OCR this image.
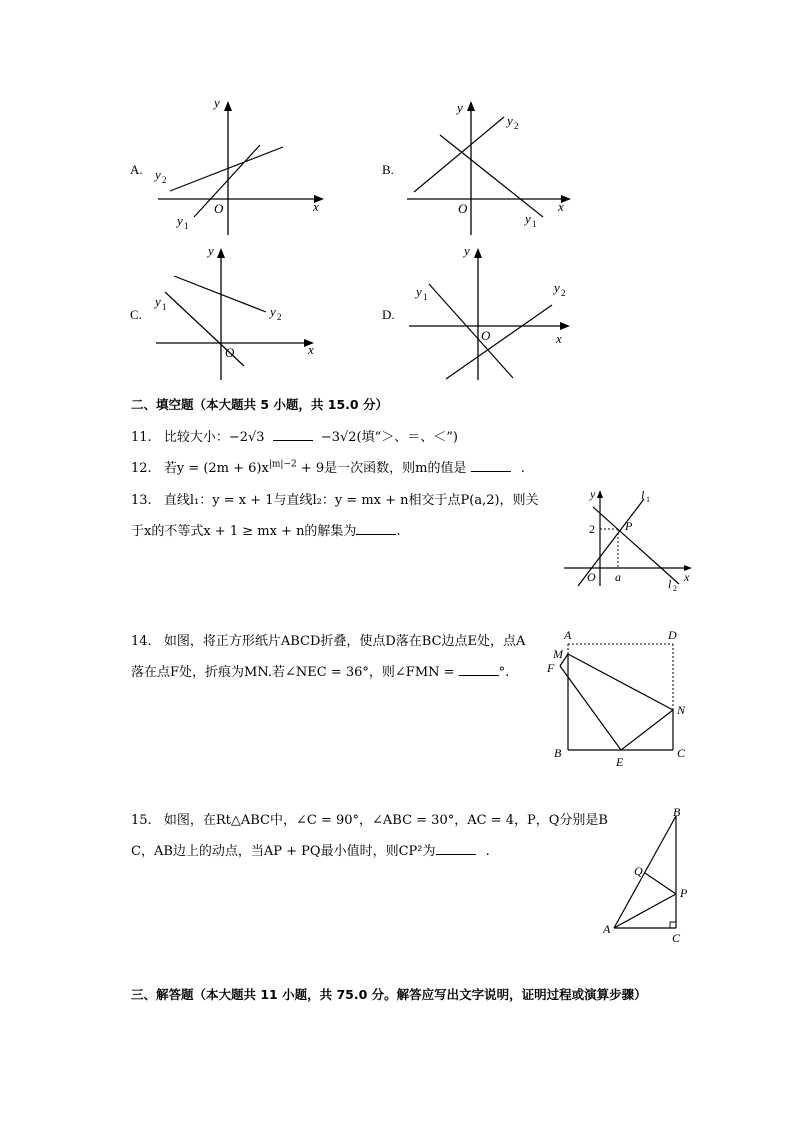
A.
y
x
O
y 1
y 2
B.
y
x
O
y 1
y 2
C.
y
x
O
y 1	y 2	D.
y
x
O
y 1
y 2
二、填空题（本大题共 5 小题，共 15.0 分）
11. 比较大小：−2√3	−3√2(填“＞、＝、＜”)
12. 若$y = (2m + 6)x^{|m|-2} + 9$是一次函数，则m的值是	.
13. 直线l₁：y = x + 1与直线l₂：y = mx + n相交于点P(a,2)，则关
于x的不等式x + 1 ≥ mx + n的解集为	.
y
x
O
2
a
P
l 1
l 2
14. 如图，将正方形纸片ABCD折叠，使点D落在BC边点E处，点A
落在点F处，折痕为MN.若∠NEC = 36°，则∠FMN =	°.
A	D
M
F
N
B
E
C
15. 如图，在Rt△ABC中，∠C = 90°，∠ABC = 30°，AC = 4，P，Q分别是B
C，AB边上的动点，当AP + PQ最小值时，则CP²为	.
B
Q
P
A
C
三、解答题（本大题共 11 小题，共 75.0 分。解答应写出文字说明，证明过程或演算步骤）
